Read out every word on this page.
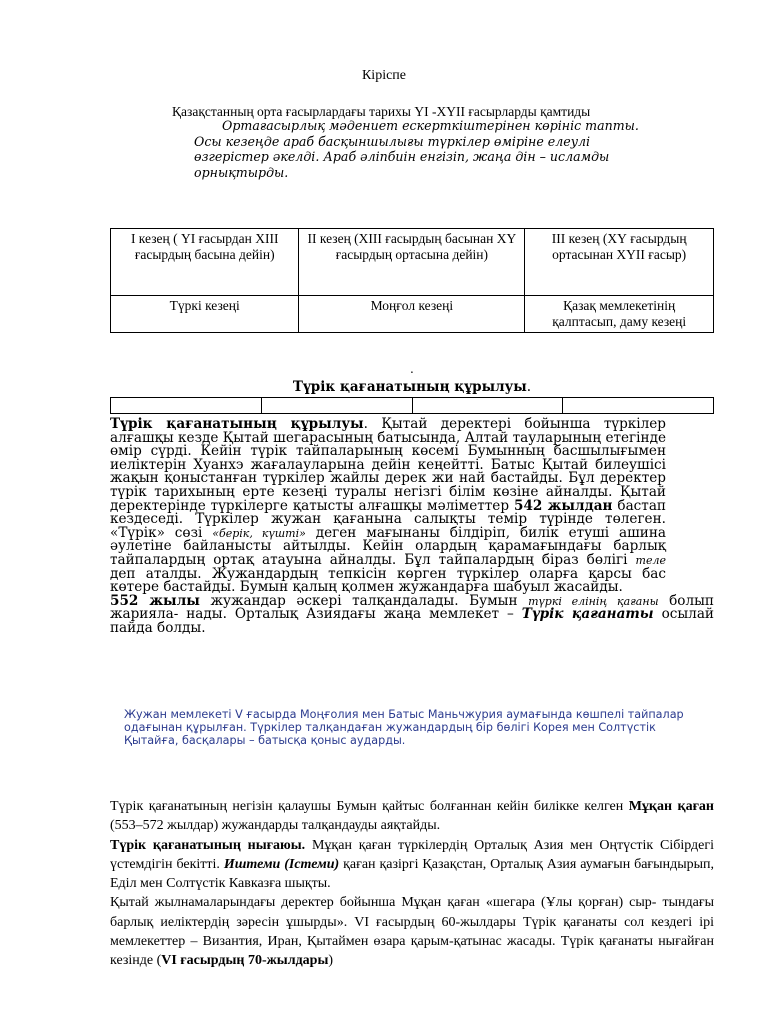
Кіріспе
Қазақстанның орта ғасырлардағы тарихы ҮІ -ХҮІІ ғасырларды қамтиды
Ортағасырлық мәдениет ескерткіштерінен көрініс тапты.
Осы кезеңде араб басқыншылығы түркілер өміріне елеулі өзгерістер әкелді. Араб әліпбиін енгізіп, жаңа дін – исламды орнықтырды.
І кезең ( ҮІ ғасырдан ХІІІ ғасырдың басына дейін)	ІІ кезең (ХІІІ ғасырдың басынан ХҮ ғасырдың ортасына дейін)	ІІІ кезең (ХҮ ғасырдың ортасынан ХҮІІ ғасыр)
Түркі кезеңі	Моңғол кезеңі	Қазақ мемлекетінің қалптасып, даму кезеңі
.
Түрік қағанатының құрылуы.

Түрік қағанатының құрылуы. Қытай деректері бойынша түркілер алғашқы кезде Қытай шегарасының батысында, Алтай тауларының етегінде өмір сүрді. Кейін түрік тайпаларының көсемі Бумынның басшылығымен иеліктерін Хуанхэ жағалауларына дейін кеңейтті. Батыс Қытай билеушісі жақын қоныстанған түркілер жайлы дерек жи най бастайды. Бұл деректер түрік тарихының ерте кезеңі туралы негізгі білім көзіне айналды. Қытай деректерінде түркілерге қатысты алғашқы мәліметтер 542 жылдан бастап кездеседі. Түркілер жужан қағанына салықты темір түрінде төлеген. «Түрік» сөзі «берік, күшті» деген мағынаны білдіріп, билік етуші ашина әулетіне байланысты айтылды. Кейін олардың қарамағындағы барлық тайпалардың ортақ атауына айналды. Бұл тайпалардың біраз бөлігі теле деп аталды. Жужандардың тепкісін көрген түркілер оларға қарсы бас көтере бастайды. Бумын қалың қолмен жужандарға шабуыл жасайды.
552 жылы жужандар әскері талқандалады. Бумын түркі елінің қағаны болып жариялa- нады. Орталық Азиядағы жаңа мемлекет – Түрік қағанаты осылай пайда болды.
Жужан мемлекеті V ғасырда Моңғолия мен Батыс Маньчжурия аумағында көшпелі тайпалар одағынан құрылған. Түркілер талқандаған жужандардың бір бөлігі Корея мен Солтүстік Қытайға, басқалары – батысқа қоныс аударды.

Түрік қағанатының негізін қалаушы Бумын қайтыс болғаннан кейін билікке келген Мұқан қаған (553–572 жылдар) жужандарды талқандауды аяқтайды.

Түрік қағанатының нығаюы. Мұқан қаған түркілердің Орталық Азия мен Оңтүстік Сібірдегі үстемдігін бекітті. Иштеми (Істеми) қаған қазіргі Қазақстан, Орталық Азия аумағын бағындырып, Еділ мен Солтүстік Кавказға шықты.

Қытай жылнамаларындағы деректер бойынша Мұқан қаған «шегара (Ұлы қорған) сыр- тындағы барлық иеліктердің зәресін ұшырды». VI ғасырдың 60-жылдары Түрік қағанаты сол кездегі ірі мемлекеттер – Византия, Иран, Қытаймен өзара қарым-қатынас жасады. Түрік қағанаты нығайған кезінде (VI ғасырдың 70-жылдары)
